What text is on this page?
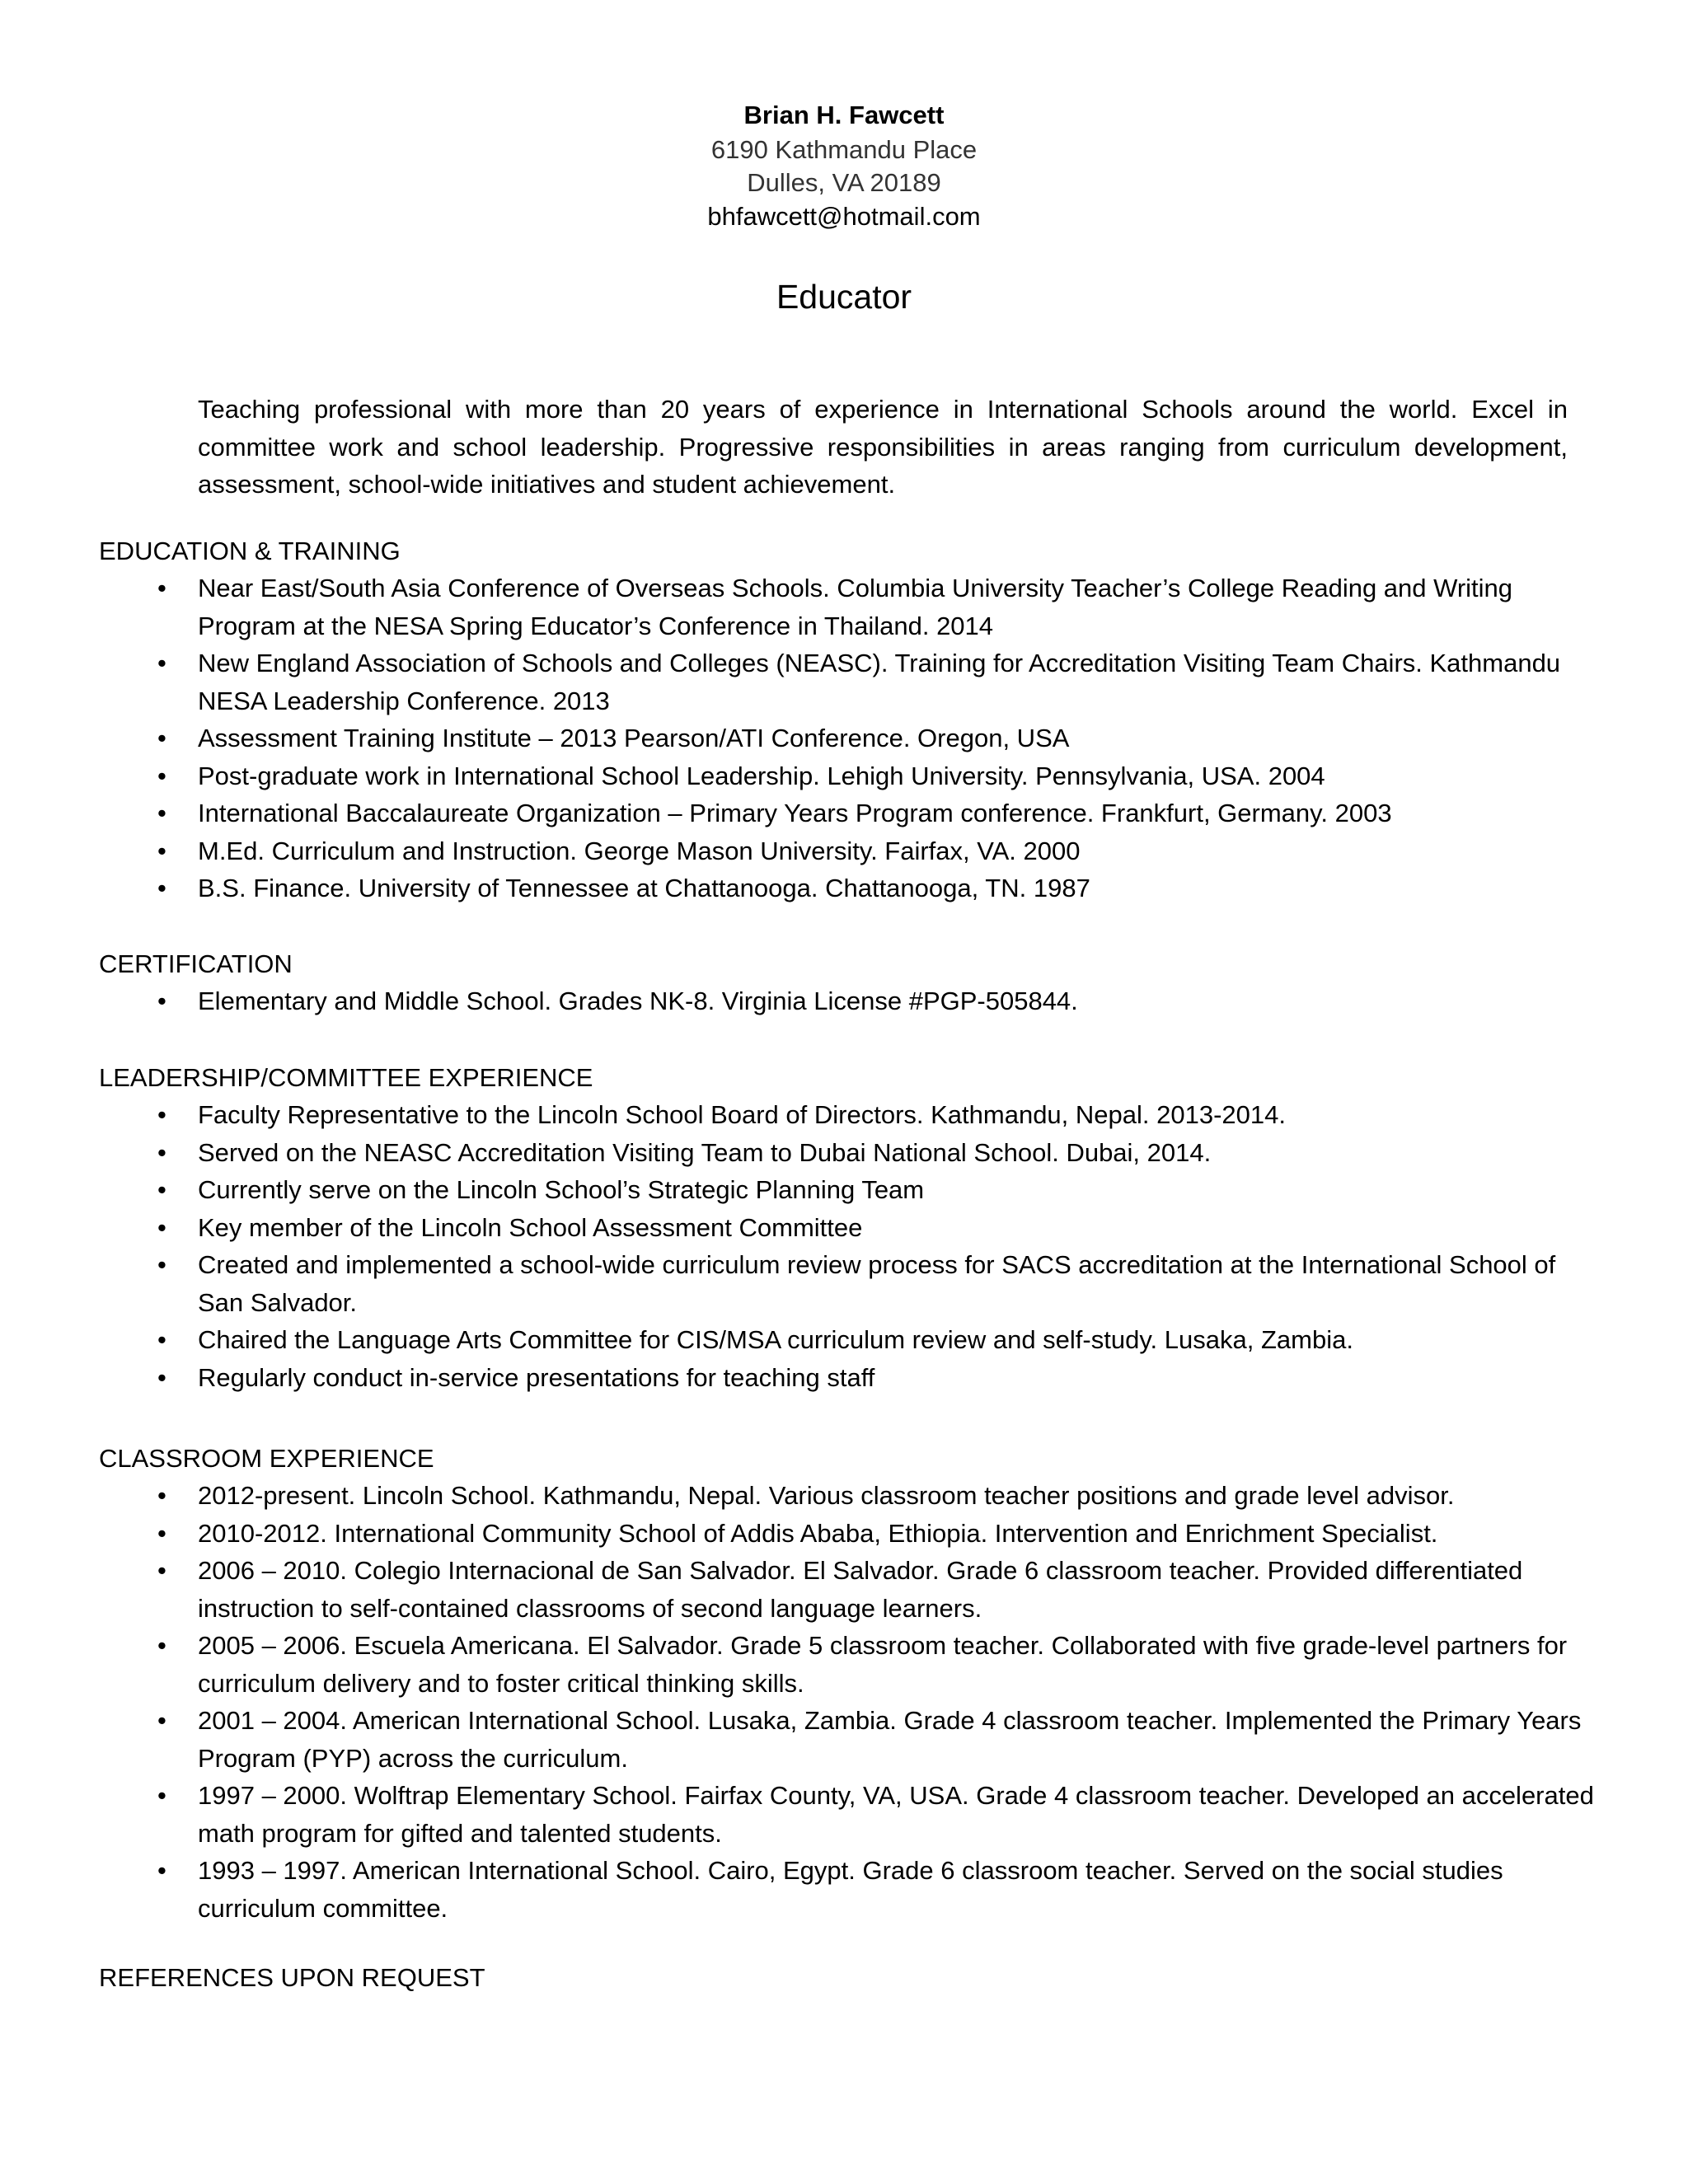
Brian H. Fawcett
6190 Kathmandu Place
Dulles, VA 20189
bhfawcett@hotmail.com
Educator
Teaching professional with more than 20 years of experience in International Schools around the world. Excel in committee work and school leadership. Progressive responsibilities in areas ranging from curriculum development, assessment, school-wide initiatives and student achievement.
EDUCATION & TRAINING
• Near East/South Asia Conference of Overseas Schools. Columbia University Teacher’s College Reading and Writing Program at the NESA Spring Educator’s Conference in Thailand. 2014
• New England Association of Schools and Colleges (NEASC). Training for Accreditation Visiting Team Chairs. Kathmandu NESA Leadership Conference. 2013
• Assessment Training Institute – 2013 Pearson/ATI Conference. Oregon, USA
• Post-graduate work in International School Leadership. Lehigh University. Pennsylvania, USA. 2004
• International Baccalaureate Organization – Primary Years Program conference. Frankfurt, Germany. 2003
• M.Ed. Curriculum and Instruction. George Mason University. Fairfax, VA. 2000
• B.S. Finance. University of Tennessee at Chattanooga. Chattanooga, TN. 1987
CERTIFICATION
• Elementary and Middle School. Grades NK-8. Virginia License #PGP-505844.
LEADERSHIP/COMMITTEE EXPERIENCE
• Faculty Representative to the Lincoln School Board of Directors. Kathmandu, Nepal. 2013-2014.
• Served on the NEASC Accreditation Visiting Team to Dubai National School. Dubai, 2014.
• Currently serve on the Lincoln School’s Strategic Planning Team
• Key member of the Lincoln School Assessment Committee
• Created and implemented a school-wide curriculum review process for SACS accreditation at the International School of San Salvador.
• Chaired the Language Arts Committee for CIS/MSA curriculum review and self-study. Lusaka, Zambia.
• Regularly conduct in-service presentations for teaching staff
CLASSROOM EXPERIENCE
• 2012-present. Lincoln School. Kathmandu, Nepal. Various classroom teacher positions and grade level advisor.
• 2010-2012. International Community School of Addis Ababa, Ethiopia. Intervention and Enrichment Specialist.
• 2006 – 2010. Colegio Internacional de San Salvador. El Salvador. Grade 6 classroom teacher. Provided differentiated instruction to self-contained classrooms of second language learners.
• 2005 – 2006. Escuela Americana. El Salvador. Grade 5 classroom teacher. Collaborated with five grade-level partners for curriculum delivery and to foster critical thinking skills.
• 2001 – 2004. American International School. Lusaka, Zambia. Grade 4 classroom teacher. Implemented the Primary Years Program (PYP) across the curriculum.
• 1997 – 2000. Wolftrap Elementary School. Fairfax County, VA, USA. Grade 4 classroom teacher. Developed an accelerated math program for gifted and talented students.
• 1993 – 1997. American International School. Cairo, Egypt. Grade 6 classroom teacher. Served on the social studies curriculum committee.
REFERENCES UPON REQUEST
